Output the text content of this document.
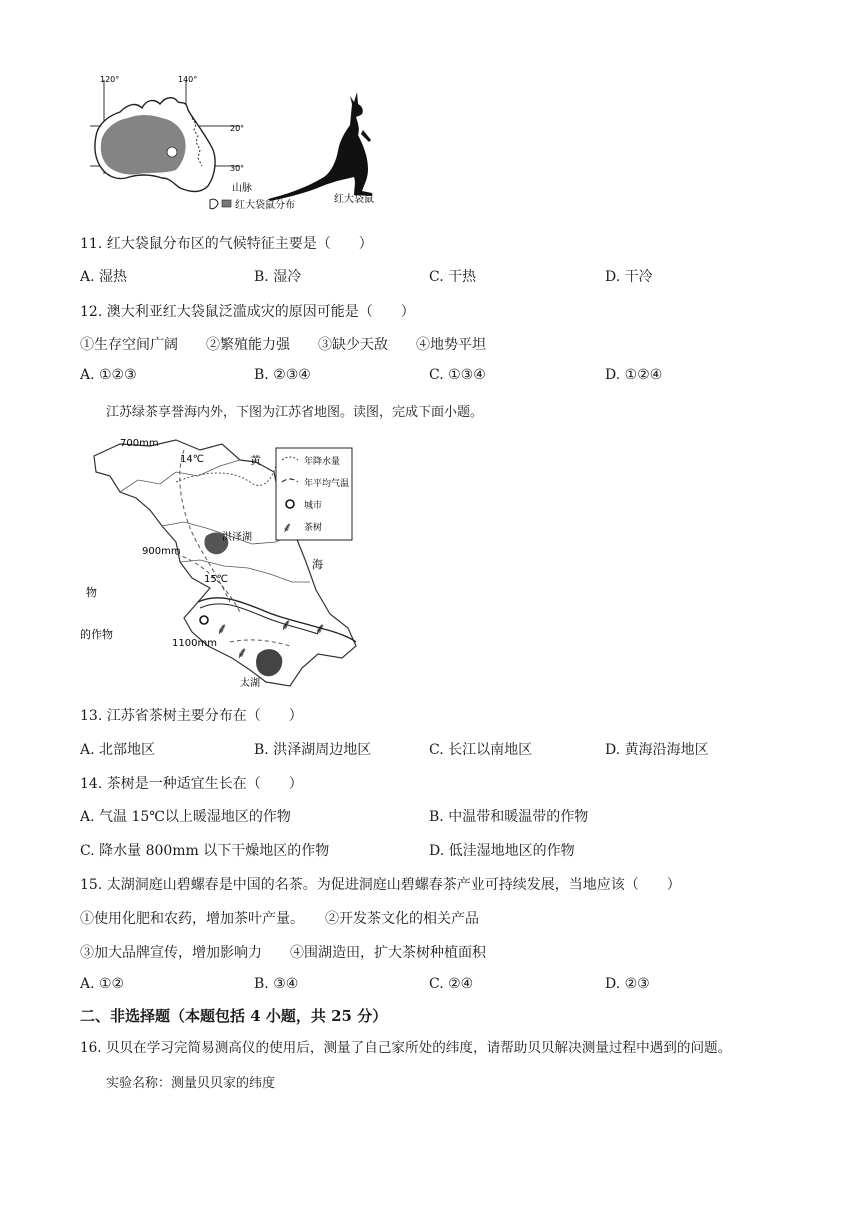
120°	140°
20°
30°
山脉
红大袋鼠分布
红大袋鼠
11. 红大袋鼠分布区的气候特征主要是（　　）
A. 湿热	B. 湿冷	C. 干热	D. 干冷
12. 澳大利亚红大袋鼠泛滥成灾的原因可能是（　　）
①生存空间广阔　　②繁殖能力强　　③缺少天敌　　④地势平坦
A. ①②③	B. ②③④	C. ①③④	D. ①②④
江苏绿茶享誉海内外，下图为江苏省地图。读图，完成下面小题。
⸙	⸙ ⸙
⸙
700mm
14℃
900mm
15℃
1100mm
洪泽湖
太湖
黄
海
物
的作物
年降水量
年平均气温
城市
⸙ 茶树
13. 江苏省茶树主要分布在（　　）
A. 北部地区	B. 洪泽湖周边地区	C. 长江以南地区	D. 黄海沿海地区
14. 茶树是一种适宜生长在（　　）
A. 气温 15℃以上暖湿地区的作物	B. 中温带和暖温带的作物
C. 降水量 800mm 以下干燥地区的作物	D. 低洼湿地地区的作物
15. 太湖洞庭山碧螺春是中国的名茶。为促进洞庭山碧螺春茶产业可持续发展，当地应该（　　）
①使用化肥和农药，增加茶叶产量。　　②开发茶文化的相关产品
③加大品牌宣传，增加影响力　　④围湖造田，扩大茶树种植面积
A. ①②	B. ③④	C. ②④	D. ②③
二、非选择题（本题包括 4 小题，共 25 分）
16. 贝贝在学习完简易测高仪的使用后，测量了自己家所处的纬度，请帮助贝贝解决测量过程中遇到的问题。
实验名称：测量贝贝家的纬度
